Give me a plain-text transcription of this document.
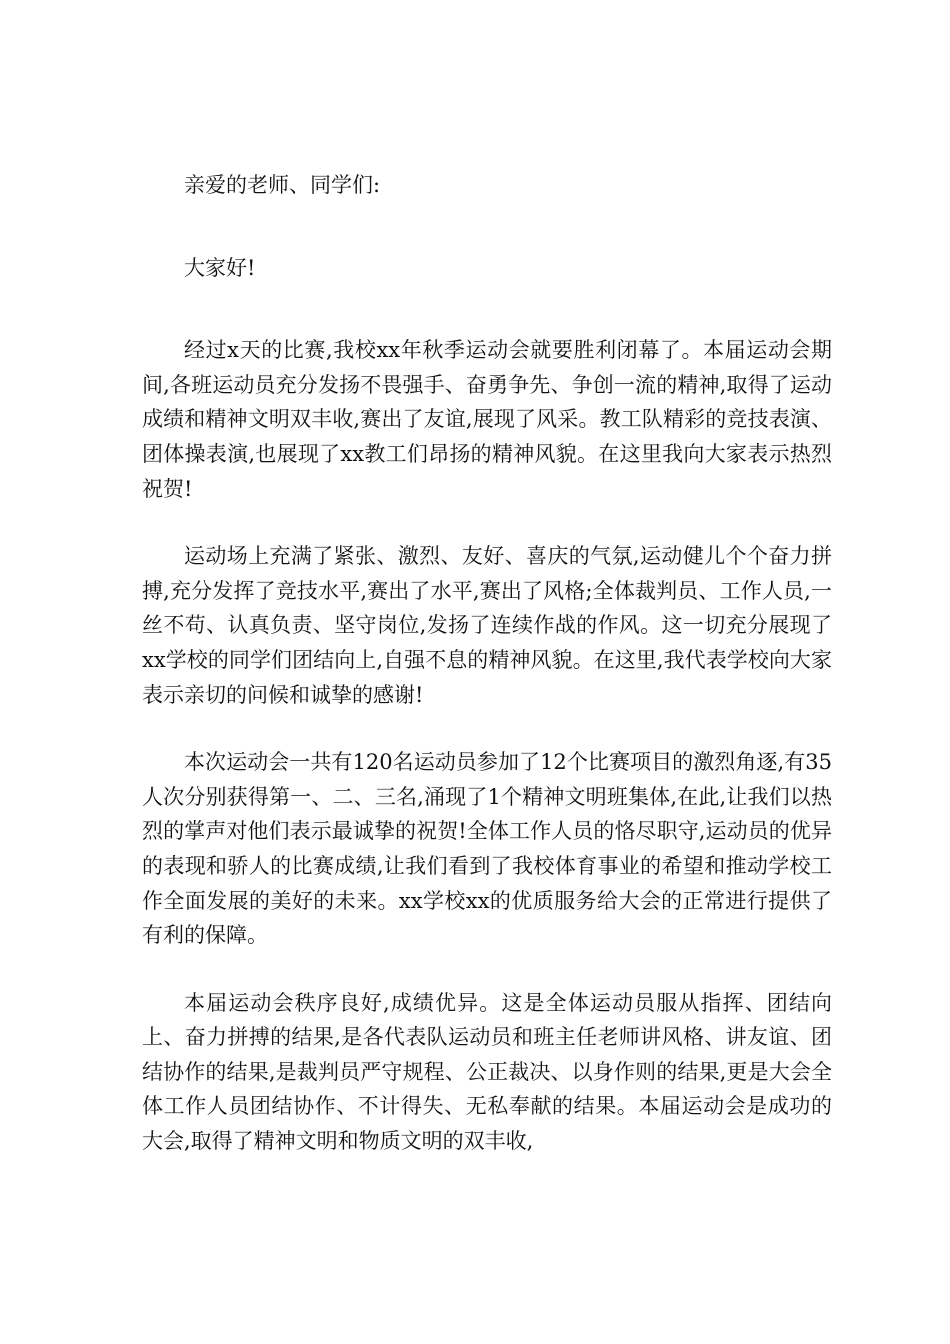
亲爱的老师、同学们:

大家好!

经过x天的比赛,我校xx年秋季运动会就要胜利闭幕了。本届运动会期间,各班运动员充分发扬不畏强手、奋勇争先、争创一流的精神,取得了运动成绩和精神文明双丰收,赛出了友谊,展现了风采。教工队精彩的竞技表演、团体操表演,也展现了xx教工们昂扬的精神风貌。在这里我向大家表示热烈祝贺!

运动场上充满了紧张、激烈、友好、喜庆的气氛,运动健儿个个奋力拼搏,充分发挥了竞技水平,赛出了水平,赛出了风格;全体裁判员、工作人员,一丝不苟、认真负责、坚守岗位,发扬了连续作战的作风。这一切充分展现了xx学校的同学们团结向上,自强不息的精神风貌。在这里,我代表学校向大家表示亲切的问候和诚挚的感谢!

本次运动会一共有120名运动员参加了12个比赛项目的激烈角逐,有35人次分别获得第一、二、三名,涌现了1个精神文明班集体,在此,让我们以热烈的掌声对他们表示最诚挚的祝贺!全体工作人员的恪尽职守,运动员的优异的表现和骄人的比赛成绩,让我们看到了我校体育事业的希望和推动学校工作全面发展的美好的未来。xx学校xx的优质服务给大会的正常进行提供了有利的保障。

本届运动会秩序良好,成绩优异。这是全体运动员服从指挥、团结向上、奋力拼搏的结果,是各代表队运动员和班主任老师讲风格、讲友谊、团结协作的结果,是裁判员严守规程、公正裁决、以身作则的结果,更是大会全体工作人员团结协作、不计得失、无私奉献的结果。本届运动会是成功的大会,取得了精神文明和物质文明的双丰收,
